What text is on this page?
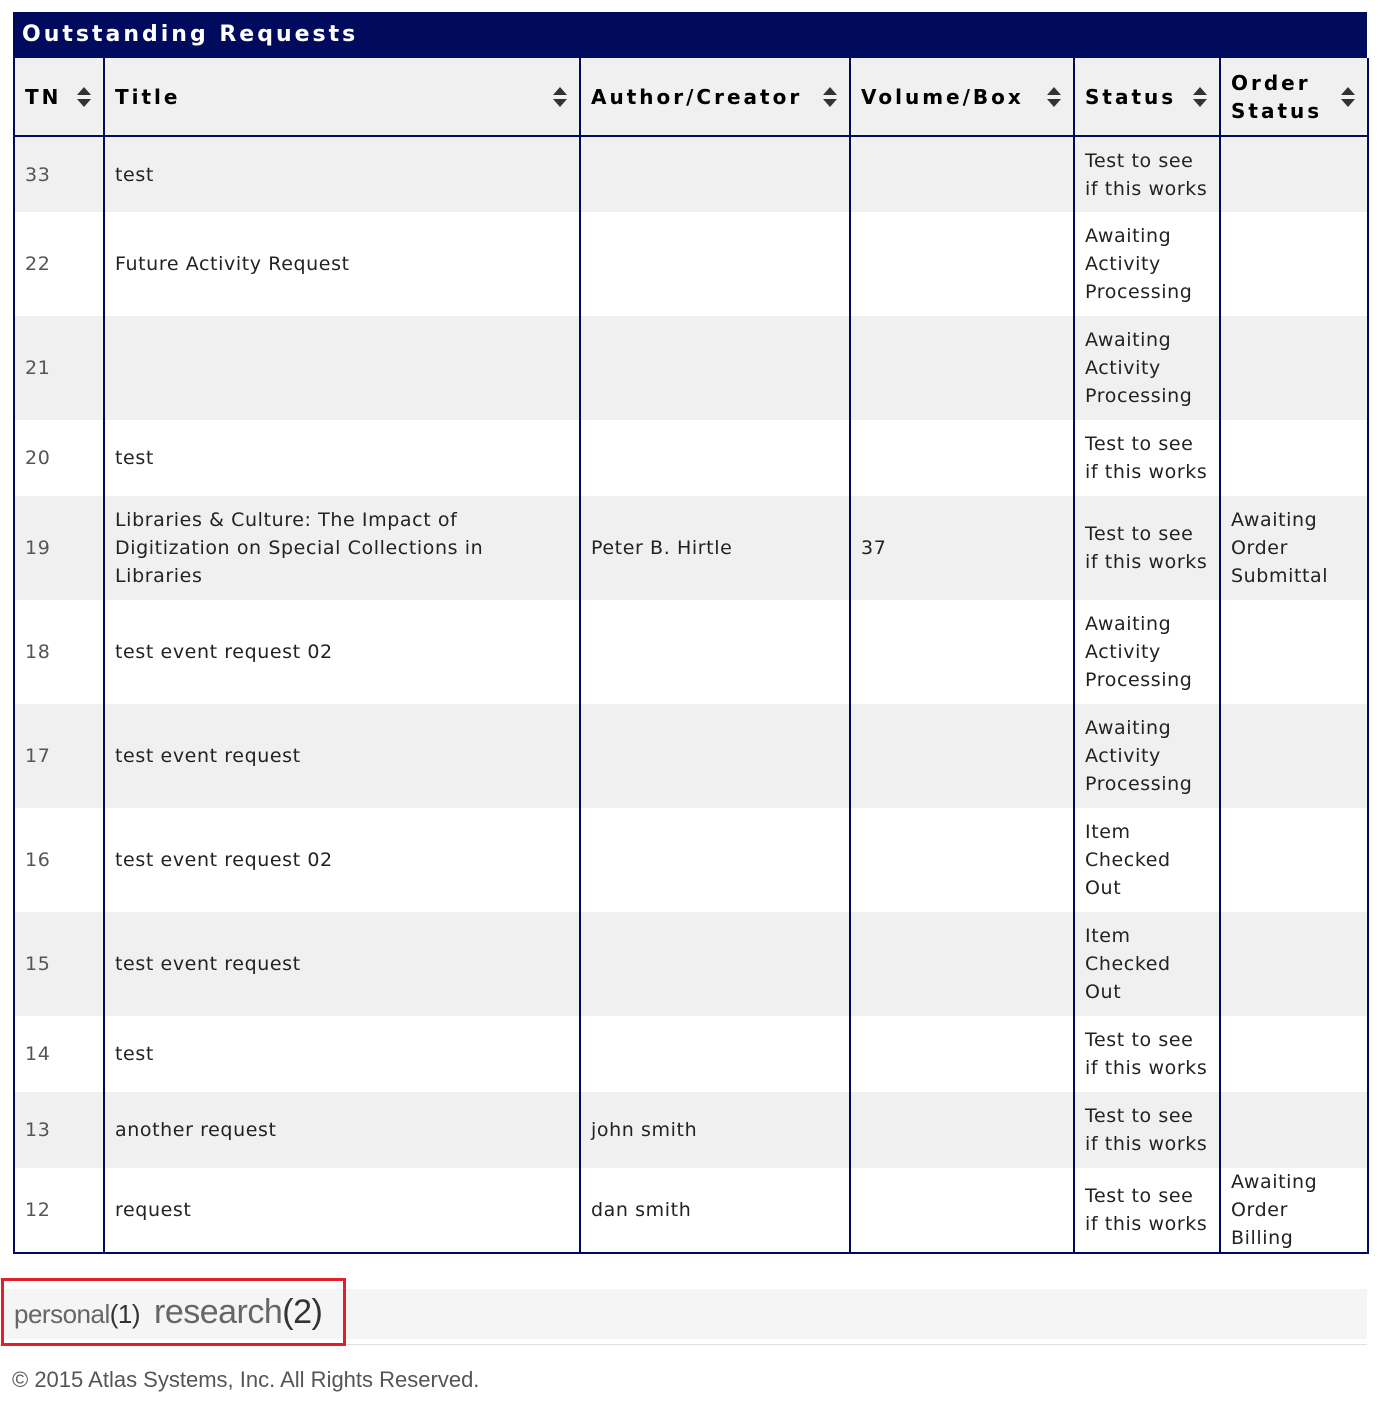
Outstanding Requests
TN	Title	Author/Creator	Volume/Box	Status	Order Status

33	test			Test to see if this works	
22	Future Activity Request			Awaiting Activity Processing	
21				Awaiting Activity Processing	
20	test			Test to see if this works	
19	Libraries & Culture: The Impact of Digitization on Special Collections in Libraries	Peter B. Hirtle	37	Test to see if this works	Awaiting Order Submittal
18	test event request 02			Awaiting Activity Processing	
17	test event request			Awaiting Activity Processing	
16	test event request 02			Item Checked Out	
15	test event request			Item Checked Out	
14	test			Test to see if this works	
13	another request	john smith		Test to see if this works	
12	request	dan smith		Test to see if this works	Awaiting Order Billing
personal(1) research(2)
© 2015 Atlas Systems, Inc. All Rights Reserved.
